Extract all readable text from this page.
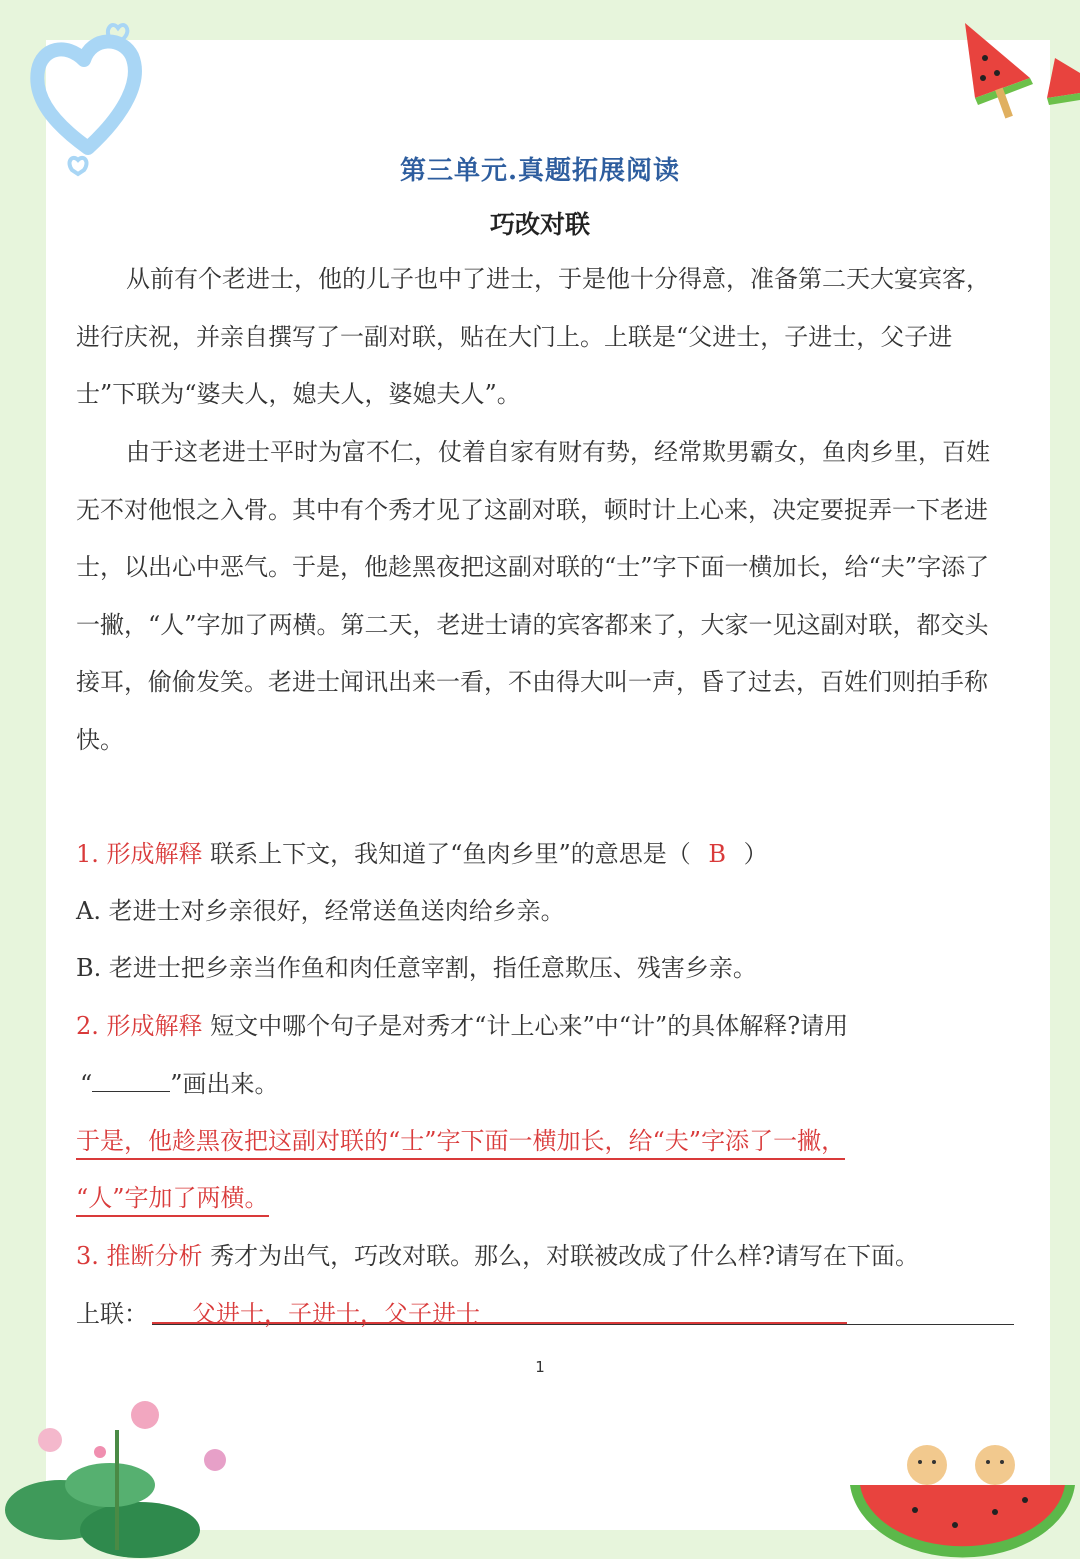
第三单元.真题拓展阅读
巧改对联

从前有个老进士，他的儿子也中了进士，于是他十分得意，准备第二天大宴宾客，进行庆祝，并亲自撰写了一副对联，贴在大门上。上联是“父进士，子进士，父子进士”下联为“婆夫人，媳夫人，婆媳夫人”。

由于这老进士平时为富不仁，仗着自家有财有势，经常欺男霸女，鱼肉乡里，百姓无不对他恨之入骨。其中有个秀才见了这副对联，顿时计上心来，决定要捉弄一下老进士，以出心中恶气。于是，他趁黑夜把这副对联的“士”字下面一横加长，给“夫”字添了一撇，“人”字加了两横。第二天，老进士请的宾客都来了，大家一见这副对联，都交头接耳，偷偷发笑。老进士闻讯出来一看，不由得大叫一声，昏了过去，百姓们则拍手称快。

1. 形成解释 联系上下文，我知道了“鱼肉乡里”的意思是（ B ）
A. 老进士对乡亲很好，经常送鱼送肉给乡亲。
B. 老进士把乡亲当作鱼和肉任意宰割，指任意欺压、残害乡亲。
2. 形成解释 短文中哪个句子是对秀才“计上心来”中“计”的具体解释?请用
“	”画出来。
于是，他趁黑夜把这副对联的“士”字下面一横加长，给“夫”字添了一撇，
“人”字加了两横。
3. 推断分析 秀才为出气，巧改对联。那么，对联被改成了什么样?请写在下面。
上联：	父进士，子进士，父子进士
1
